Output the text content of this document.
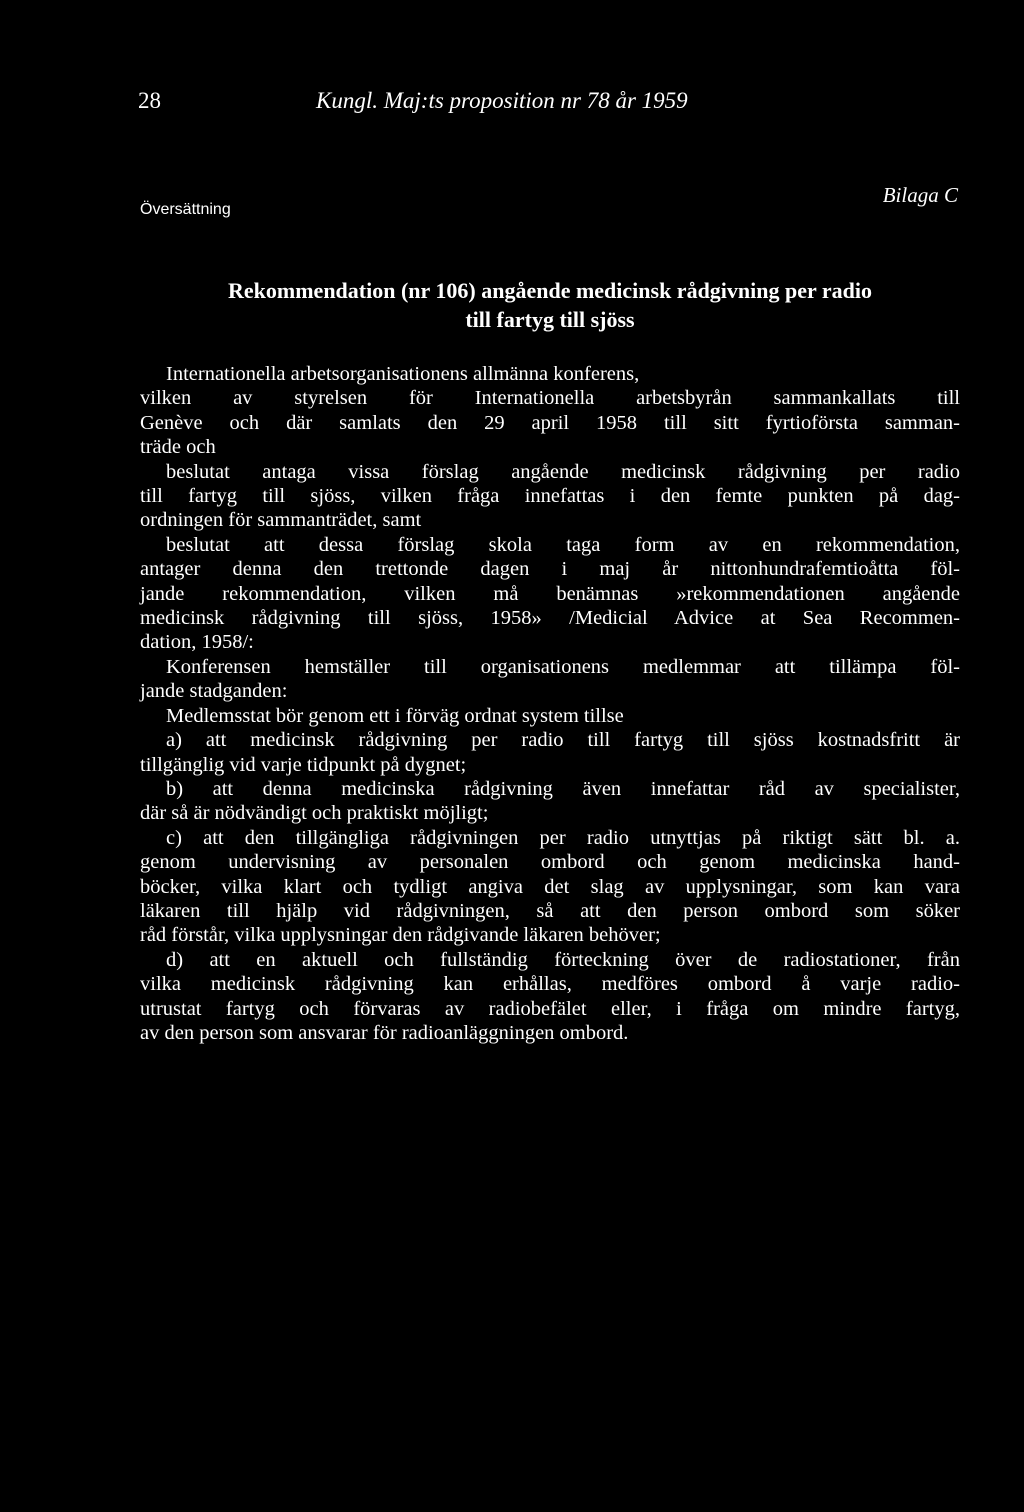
28	Kungl. Maj:ts proposition nr 78 år 1959
Översättning
Bilaga C
Rekommendation (nr 106) angående medicinsk rådgivning per radio
till fartyg till sjöss
Internationella arbetsorganisationens allmänna konferens,
vilken av styrelsen för Internationella arbetsbyrån sammankallats till
Genève och där samlats den 29 april 1958 till sitt fyrtioförsta samman-
träde och
beslutat antaga vissa förslag angående medicinsk rådgivning per radio
till fartyg till sjöss, vilken fråga innefattas i den femte punkten på dag-
ordningen för sammanträdet, samt
beslutat att dessa förslag skola taga form av en rekommendation,
antager denna den trettonde dagen i maj år nittonhundrafemtioåtta föl-
jande rekommendation, vilken må benämnas »rekommendationen angående
medicinsk rådgivning till sjöss, 1958» /Medicial Advice at Sea Recommen-
dation, 1958/:
Konferensen hemställer till organisationens medlemmar att tillämpa föl-
jande stadganden:
Medlemsstat bör genom ett i förväg ordnat system tillse
a) att medicinsk rådgivning per radio till fartyg till sjöss kostnadsfritt är
tillgänglig vid varje tidpunkt på dygnet;
b) att denna medicinska rådgivning även innefattar råd av specialister,
där så är nödvändigt och praktiskt möjligt;
c) att den tillgängliga rådgivningen per radio utnyttjas på riktigt sätt bl. a.
genom undervisning av personalen ombord och genom medicinska hand-
böcker, vilka klart och tydligt angiva det slag av upplysningar, som kan vara
läkaren till hjälp vid rådgivningen, så att den person ombord som söker
råd förstår, vilka upplysningar den rådgivande läkaren behöver;
d) att en aktuell och fullständig förteckning över de radiostationer, från
vilka medicinsk rådgivning kan erhållas, medföres ombord å varje radio-
utrustat fartyg och förvaras av radiobefälet eller, i fråga om mindre fartyg,
av den person som ansvarar för radioanläggningen ombord.
